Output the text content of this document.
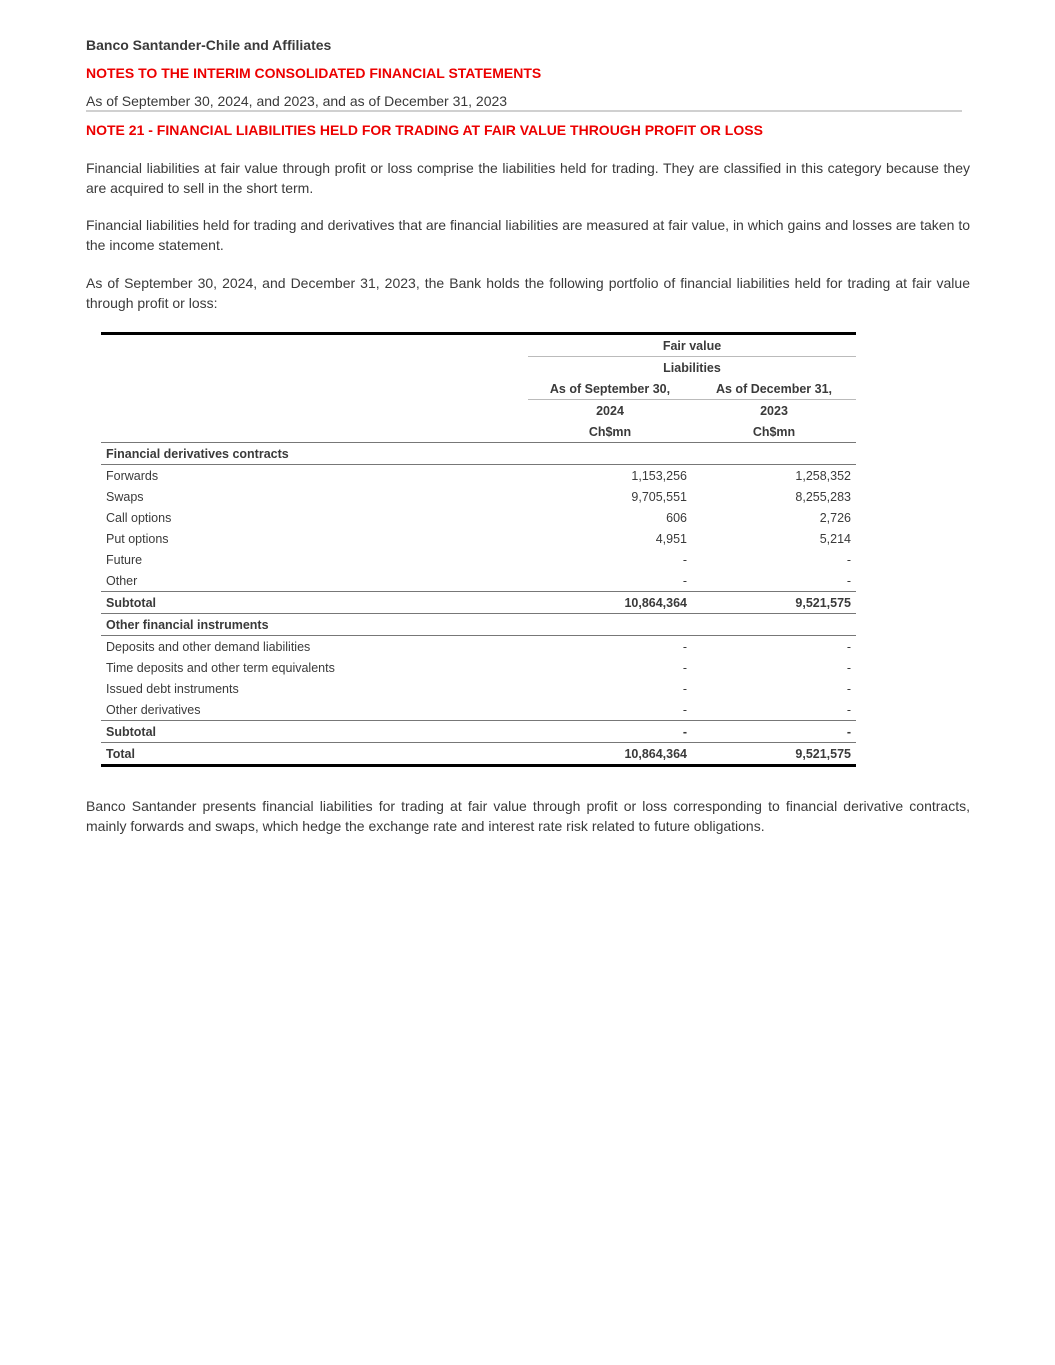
Banco Santander-Chile and Affiliates
NOTES TO THE INTERIM CONSOLIDATED FINANCIAL STATEMENTS
As of September 30, 2024, and 2023, and as of December 31, 2023
NOTE 21 - FINANCIAL LIABILITIES HELD FOR TRADING AT FAIR VALUE THROUGH PROFIT OR LOSS

Financial liabilities at fair value through profit or loss comprise the liabilities held for trading. They are classified in this category because they are acquired to sell in the short term.

Financial liabilities held for trading and derivatives that are financial liabilities are measured at fair value, in which gains and losses are taken to the income statement.

As of September 30, 2024, and December 31, 2023, the Bank holds the following portfolio of financial liabilities held for trading at fair value through profit or loss:

	Fair value	
	Liabilities	
	As of September 30,	As of December 31,
	2024	2023
	Ch$mn	Ch$mn
Financial derivatives contracts		
Forwards	1,153,256	1,258,352
Swaps	9,705,551	8,255,283
Call options	606	2,726
Put options	4,951	5,214
Future	-	-
Other	-	-
Subtotal	10,864,364	9,521,575
Other financial instruments		
Deposits and other demand liabilities	-	-
Time deposits and other term equivalents	-	-
Issued debt instruments	-	-
Other derivatives	-	-
Subtotal	-	-
Total	10,864,364	9,521,575

Banco Santander presents financial liabilities for trading at fair value through profit or loss corresponding to financial derivative contracts, mainly forwards and swaps, which hedge the exchange rate and interest rate risk related to future obligations.
